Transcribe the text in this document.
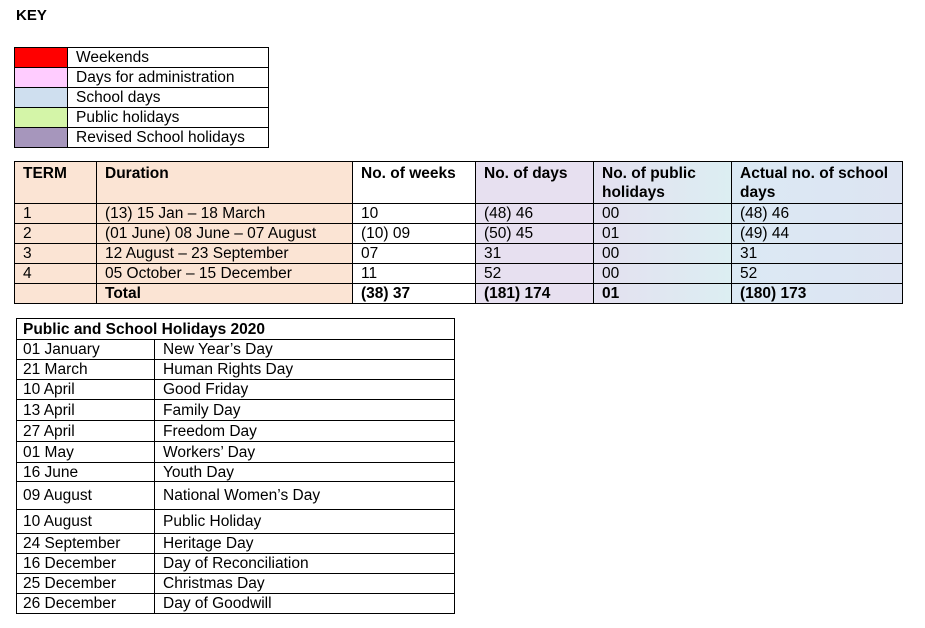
KEY
	Weekends
	Days for administration
	School days
	Public holidays
	Revised School holidays
TERM	Duration	No. of weeks	No. of days	No. of public holidays	Actual no. of school days
1	(13) 15 Jan – 18 March	10	(48) 46	00	(48) 46
2	(01 June) 08 June – 07 August	(10) 09	(50) 45	01	(49) 44
3	12 August – 23 September	07	31	00	31
4	05 October – 15 December	11	52	00	52
	Total	(38) 37	(181) 174	01	(180) 173
Public and School Holidays 2020	
01 January	New Year’s Day
21 March	Human Rights Day
10 April	Good Friday
13 April	Family Day
27 April	Freedom Day
01 May	Workers’ Day
16 June	Youth Day
09 August	National Women’s Day
10 August	Public Holiday
24 September	Heritage Day
16 December	Day of Reconciliation
25 December	Christmas Day
26 December	Day of Goodwill
